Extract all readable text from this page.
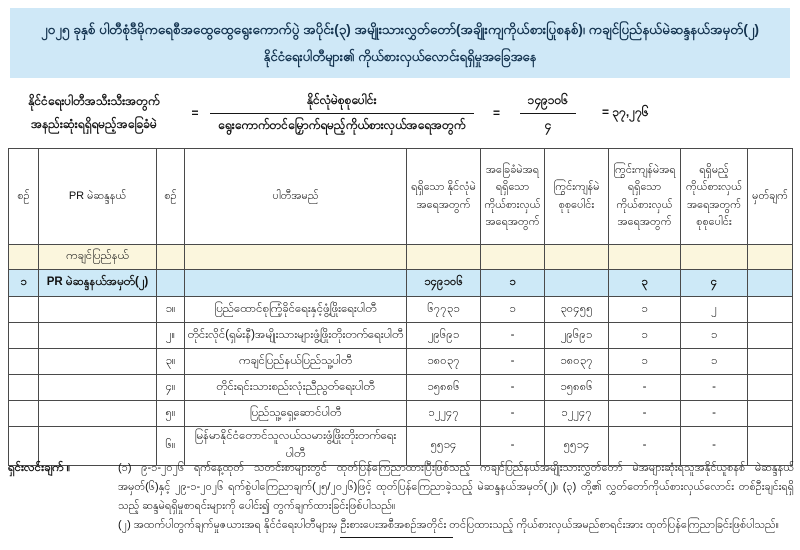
၂၀၂၅ ခုနှစ် ပါတီစုံဒီမိုကရေစီအထွေထွေရွေးကောက်ပွဲ အပိုင်း(၃) အမျိုးသားလွှတ်တော်(အချိုးကျကိုယ်စားပြုစနစ်)၊ ကချင်ပြည်နယ်မဲဆန္ဒနယ်အမှတ်(၂)
နိုင်ငံရေးပါတီများ၏ ကိုယ်စားလှယ်လောင်းရရှိမှုအခြေအနေ
နိုင်ငံရေးပါတီအသီးသီးအတွက်
အနည်းဆုံးရရှိရမည့်အခြေခံမဲ
= $\frac{\text{နိုင်လုံမဲစုစုပေါင်း}}{\text{ရွေးကောက်တင်မြှောက်ရမည့်ကိုယ်စားလှယ်အရေအတွက်}}$	=	$\frac{၁၄၉၁၀၆}{၄}$ = ၃၇,၂၇၆
စဉ်	PR မဲဆန္ဒနယ်	စဉ်	ပါတီအမည်	ရရှိသော နိုင်လုံမဲ အရေအတွက်	အခြေခံမဲအရ ရရှိသော ကိုယ်စားလှယ် အရေအတွက်	ကြွင်းကျန်မဲ စုစုပေါင်း	ကြွင်းကျန်မဲအရ ရရှိသော ကိုယ်စားလှယ် အရေအတွက်	ရရှိမည့် ကိုယ်စားလှယ် အရေအတွက် စုစုပေါင်း	မှတ်ချက်
	ကချင်ပြည်နယ်								
၁	PR မဲဆန္ဒနယ်အမှတ်(၂)			၁၄၉၁၀၆	၁		၃	၄	
		၁။	ပြည်ထောင်စုကြံ့ခိုင်ရေးနှင့်ဖွံ့ဖြိုးရေးပါတီ	၆၇၇၃၁	၁	၃၀၄၅၅	၁	၂	
		၂။	တိုင်းလိုင်(ရှမ်းနီ)အမျိုးသားများဖွံ့ဖြိုးတိုးတက်ရေးပါတီ	၂၉၆၉၁	-	၂၉၆၉၁	၁	၁	
		၃။	ကချင်ပြည်နယ်ပြည်သူ့ပါတီ	၁၈၀၃၇	-	၁၈၀၃၇	၁	၁	
		၄။	တိုင်းရင်းသားစည်းလုံးညီညွတ်ရေးပါတီ	၁၅၈၈၆	-	၁၅၈၈၆	-	-	
		၅။	ပြည်သူ့ရှေ့ဆောင်ပါတီ	၁၂၂၄၇	-	၁၂၂၄၇	-	-	
		၆။	မြန်မာနိုင်ငံတောင်သူလယ်သမားဖွံ့ဖြိုးတိုးတက်ရေးပါတီ	၅၅၁၄	-	၅၅၁၄	-	-	
ရှင်းလင်းချက် ။	(၁) ၉-၁-၂၀၂၆ ရက်နေ့ထုတ် သတင်းစာများတွင် ထုတ်ပြန်ကြေညာထားပြီးဖြစ်သည့် ကချင်ပြည်နယ်အမျိုးသားလွှတ်တော် မဲအများဆုံးရသူအနိုင်ယူစနစ် မဲဆန္ဒနယ်အမှတ်(၆)နှင့် ၂၉-၁-၂၀၂၆ ရက်စွဲပါကြေညာချက်(၂၅/၂၀၂၆)ဖြင့် ထုတ်ပြန်ကြေညာခဲ့သည့် မဲဆန္ဒနယ်အမှတ်(၂)၊ (၃) တို့၏ လွှတ်တော်ကိုယ်စားလှယ်လောင်း တစ်ဦးချင်းရရှိသည့် ဆန္ဒမဲရရှိမှုစာရင်းများကို ပေါင်း၍ တွက်ချက်ထားခြင်းဖြစ်ပါသည်။
(၂) အထက်ပါတွက်ချက်မှုဇယားအရ နိုင်ငံရေးပါတီများမှ ဦးစားပေးအစီအစဉ်အတိုင်း တင်ပြထားသည့် ကိုယ်စားလှယ်အမည်စာရင်းအား ထုတ်ပြန်ကြေညာခြင်းဖြစ်ပါသည်။
